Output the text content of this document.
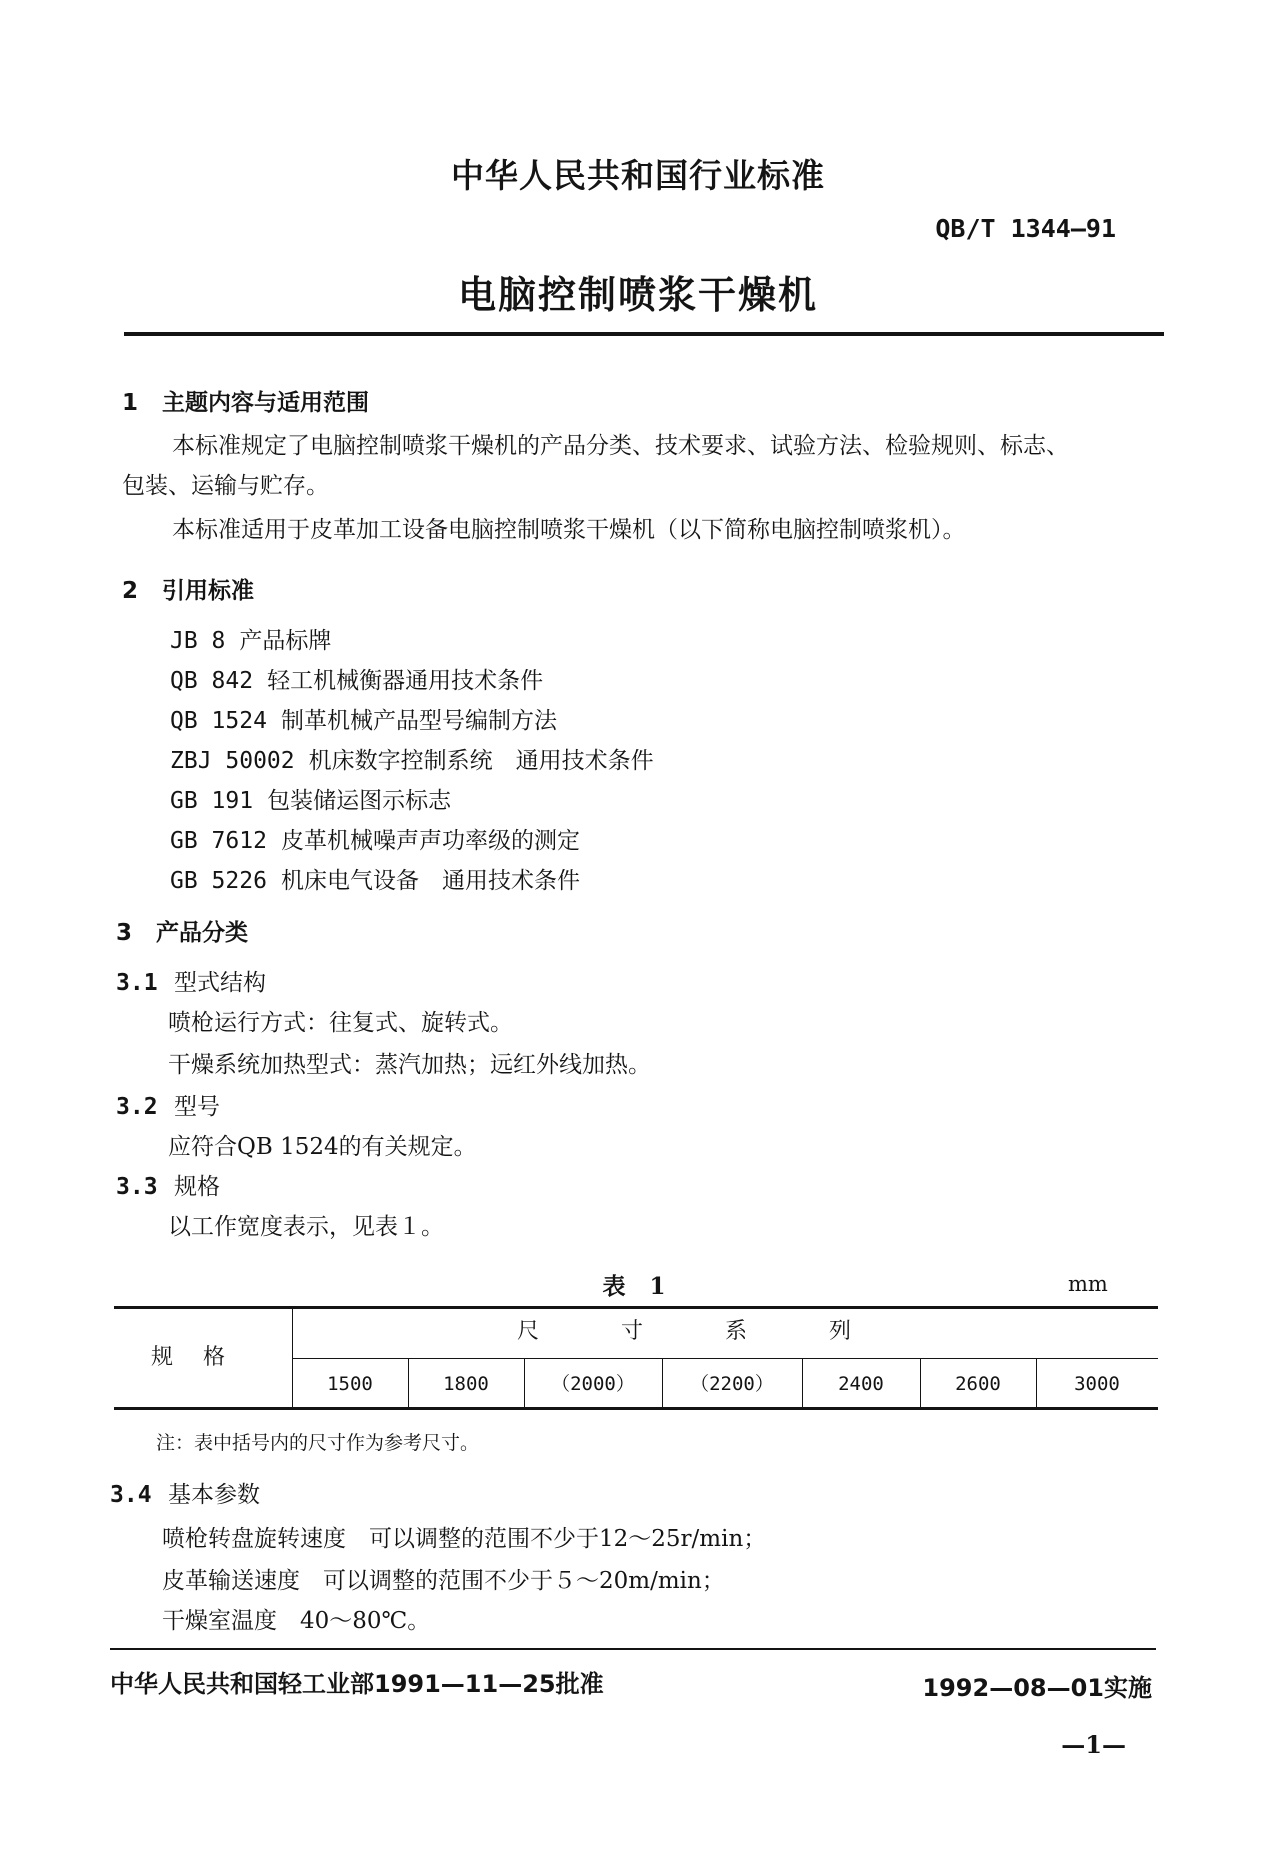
中华人民共和国行业标准
QB/T 1344—91
电脑控制喷浆干燥机
1 主题内容与适用范围
本标准规定了电脑控制喷浆干燥机的产品分类、技术要求、试验方法、检验规则、标志、
包装、运输与贮存。
本标准适用于皮革加工设备电脑控制喷浆干燥机（以下简称电脑控制喷浆机）。
2 引用标准
JB 8 产品标牌
QB 842 轻工机械衡器通用技术条件
QB 1524 制革机械产品型号编制方法
ZBJ 50002 机床数字控制系统　通用技术条件
GB 191 包装储运图示标志
GB 7612 皮革机械噪声声功率级的测定
GB 5226 机床电气设备　通用技术条件
3 产品分类
3.1 型式结构
喷枪运行方式：往复式、旋转式。
干燥系统加热型式：蒸汽加热；远红外线加热。
3.2 型号
应符合QB 1524的有关规定。
3.3 规格
以工作宽度表示，见表１。
表 1	mm
规格
尺寸系列
1500	1800	（2000）	（2200）	2400	2600	3000
注：表中括号内的尺寸作为参考尺寸。
3.4 基本参数
喷枪转盘旋转速度　可以调整的范围不少于12～25r/min；
皮革输送速度　可以调整的范围不少于５～20m/min；
干燥室温度　40～80℃。
中华人民共和国轻工业部1991—11—25批准	1992—08—01实施
—1—
